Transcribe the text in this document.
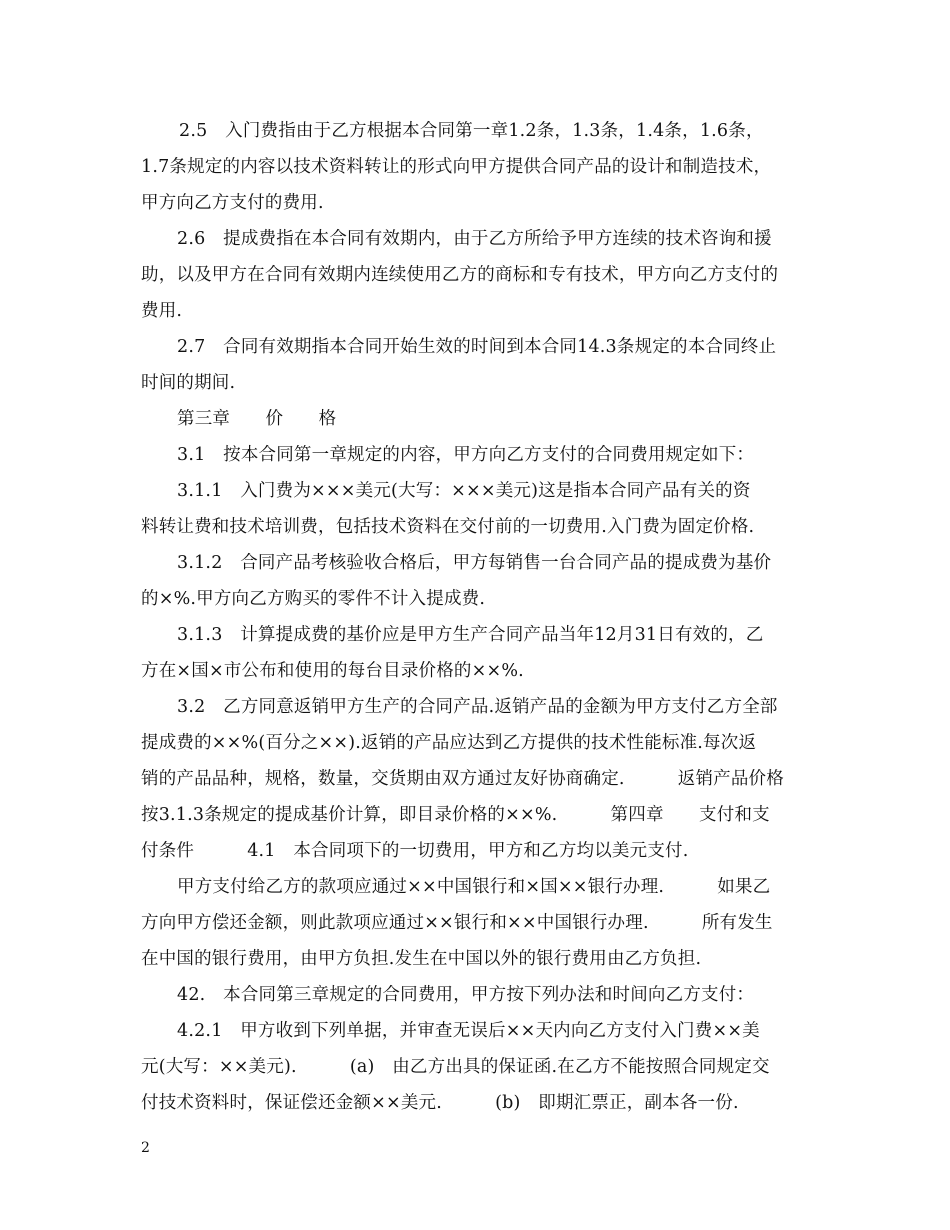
2.5　入门费指由于乙方根据本合同第一章1.2条，1.3条，1.4条，1.6条，
1.7条规定的内容以技术资料转让的形式向甲方提供合同产品的设计和制造技术，
甲方向乙方支付的费用.
2.6　提成费指在本合同有效期内，由于乙方所给予甲方连续的技术咨询和援
助，以及甲方在合同有效期内连续使用乙方的商标和专有技术，甲方向乙方支付的
费用.
2.7　合同有效期指本合同开始生效的时间到本合同14.3条规定的本合同终止
时间的期间.
第三章　　价　　格
3.1　按本合同第一章规定的内容，甲方向乙方支付的合同费用规定如下：
3.1.1　入门费为×××美元(大写：×××美元)这是指本合同产品有关的资
料转让费和技术培训费，包括技术资料在交付前的一切费用.入门费为固定价格.
3.1.2　合同产品考核验收合格后，甲方每销售一台合同产品的提成费为基价
的×%.甲方向乙方购买的零件不计入提成费.
3.1.3　计算提成费的基价应是甲方生产合同产品当年12月31日有效的，乙
方在×国×市公布和使用的每台目录价格的××%.
3.2　乙方同意返销甲方生产的合同产品.返销产品的金额为甲方支付乙方全部
提成费的××%(百分之××).返销的产品应达到乙方提供的技术性能标准.每次返
销的产品品种，规格，数量，交货期由双方通过友好协商确定.　　　返销产品价格
按3.1.3条规定的提成基价计算，即目录价格的××%.　　　第四章　　支付和支
付条件　　　4.1　本合同项下的一切费用，甲方和乙方均以美元支付.
甲方支付给乙方的款项应通过××中国银行和×国××银行办理.　　　如果乙
方向甲方偿还金额，则此款项应通过××银行和××中国银行办理.　　　所有发生
在中国的银行费用，由甲方负担.发生在中国以外的银行费用由乙方负担.
42.　本合同第三章规定的合同费用，甲方按下列办法和时间向乙方支付：
4.2.1　甲方收到下列单据，并审查无误后××天内向乙方支付入门费××美
元(大写：××美元).　　　(a)　由乙方出具的保证函.在乙方不能按照合同规定交
付技术资料时，保证偿还金额××美元.　　　(b)　即期汇票正，副本各一份.
2
